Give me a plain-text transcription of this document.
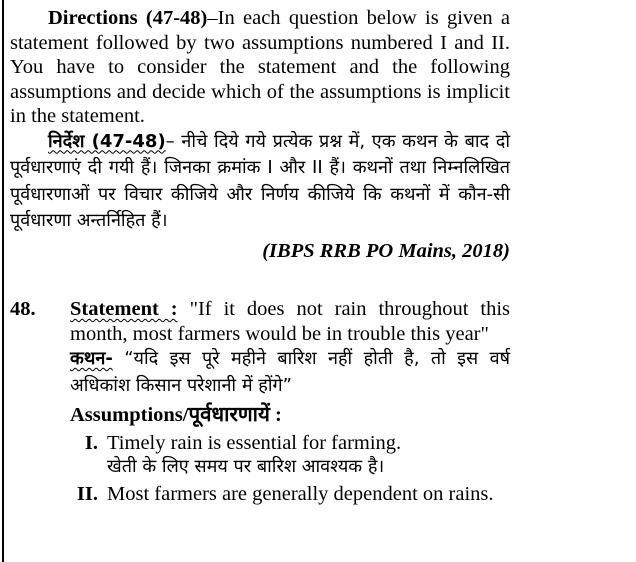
Directions (47-48)–In each question below is given a statement followed by two assumptions numbered I and II. You have to consider the statement and the following assumptions and decide which of the assumptions is implicit in the statement.

निर्देश (47-48)– नीचे दिये गये प्रत्येक प्रश्न में, एक कथन के बाद दो पूर्वधारणाएं दी गयी हैं। जिनका क्रमांक I और II हैं। कथनों तथा निम्नलिखित पूर्वधारणाओं पर विचार कीजिये और निर्णय कीजिये कि कथनों में कौन-सी पूर्वधारणा अन्तर्निहित हैं।

(IBPS RRB PO Mains, 2018)
48. Statement : "If it does not rain throughout this month, most farmers would be in trouble this year"

कथन- “यदि इस पूरे महीने बारिश नहीं होती है, तो इस वर्ष अधिकांश किसान परेशानी में होंगे”

Assumptions/पूर्वधारणायें :
I. Timely rain is essential for farming.
खेती के लिए समय पर बारिश आवश्यक है।
II. Most farmers are generally dependent on rains.
